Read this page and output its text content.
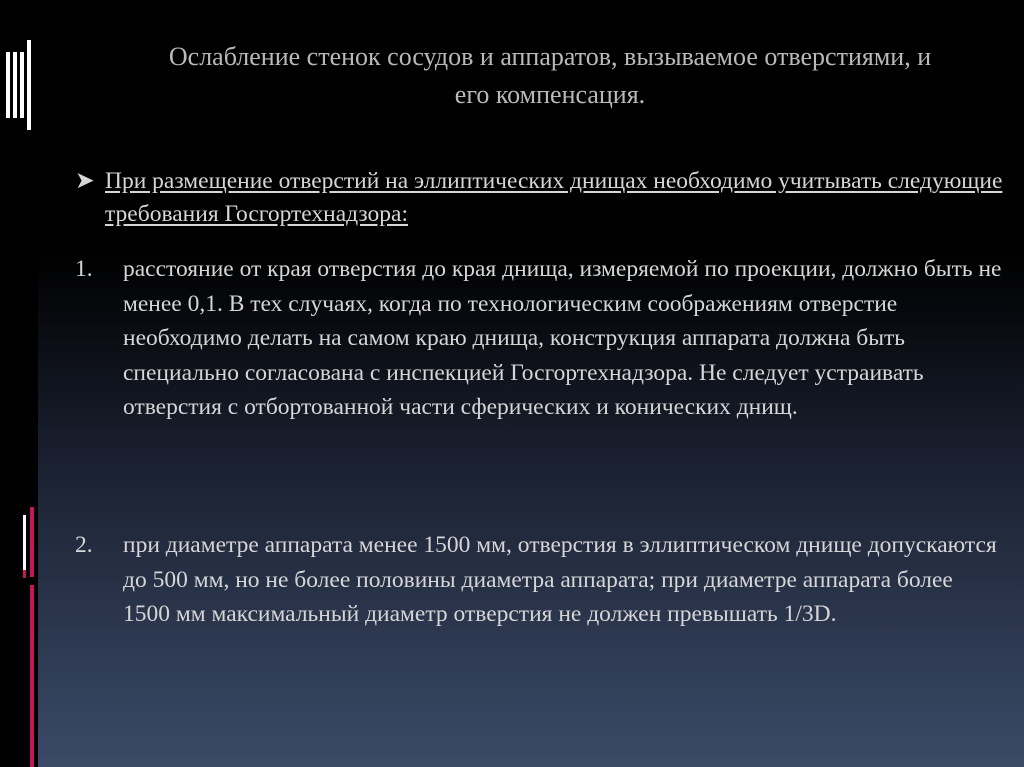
Ослабление стенок сосудов и аппаратов, вызываемое отверстиями, и его компенсация.
➤ При размещение отверстий на эллиптических днищах необходимо учитывать следующие требования Госгортехнадзора:
1. расстояние от края отверстия до края днища, измеряемой по проекции, должно быть не менее 0,1. В тех случаях, когда по технологическим соображениям отверстие необходимо делать на самом краю днища, конструкция аппарата должна быть специально согласована с инспекцией Госгортехнадзора. Не следует устраивать отверстия с отбортованной части сферических и конических днищ.
2. при диаметре аппарата менее 1500 мм, отверстия в эллиптическом днище допускаются до 500 мм, но не более половины диаметра аппарата; при диаметре аппарата более 1500 мм максимальный диаметр отверстия не должен превышать 1/3D.
